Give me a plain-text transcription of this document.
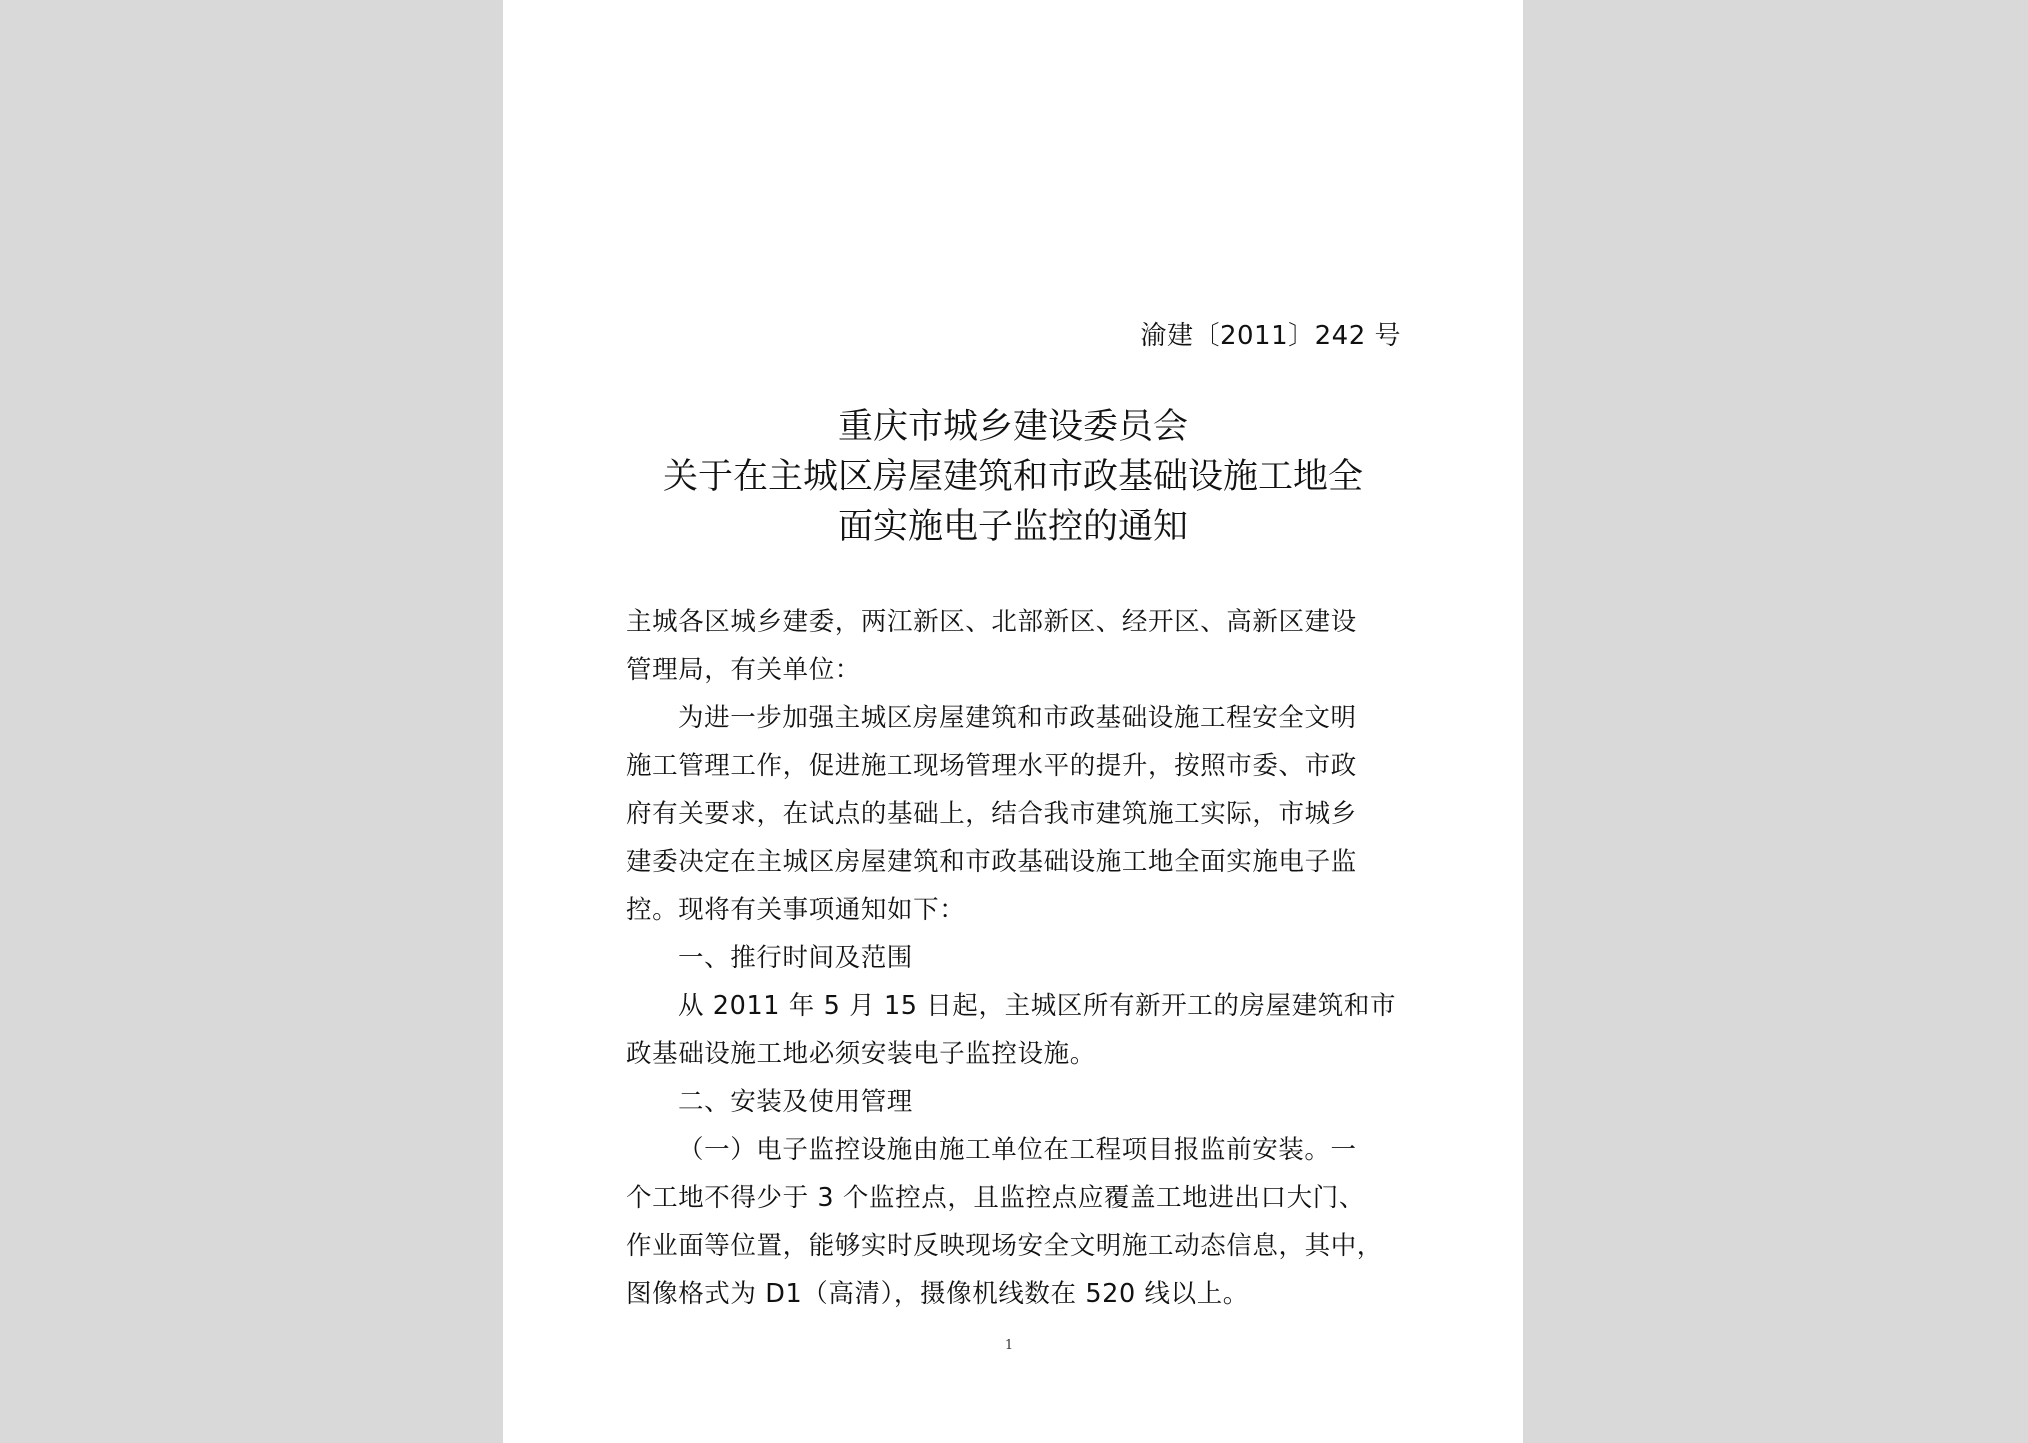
渝建〔2011〕242 号
重庆市城乡建设委员会
关于在主城区房屋建筑和市政基础设施工地全
面实施电子监控的通知

主城各区城乡建委，两江新区、北部新区、经开区、高新区建设

管理局，有关单位：

为进一步加强主城区房屋建筑和市政基础设施工程安全文明

施工管理工作，促进施工现场管理水平的提升，按照市委、市政

府有关要求，在试点的基础上，结合我市建筑施工实际，市城乡

建委决定在主城区房屋建筑和市政基础设施工地全面实施电子监

控。现将有关事项通知如下：

一、推行时间及范围

从 2011 年 5 月 15 日起，主城区所有新开工的房屋建筑和市

政基础设施工地必须安装电子监控设施。

二、安装及使用管理

（一）电子监控设施由施工单位在工程项目报监前安装。一

个工地不得少于 3 个监控点，且监控点应覆盖工地进出口大门、

作业面等位置，能够实时反映现场安全文明施工动态信息，其中，

图像格式为 D1（高清），摄像机线数在 520 线以上。

1
